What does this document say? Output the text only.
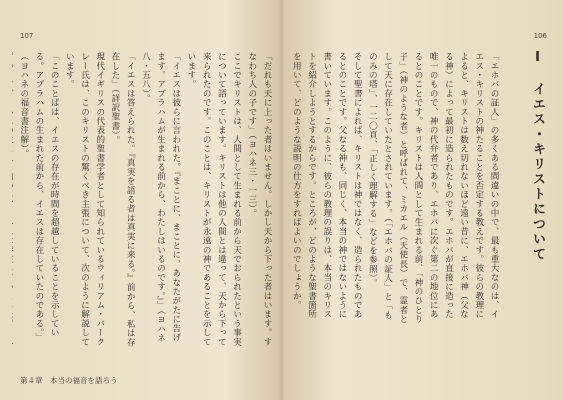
107

「だれも天に上った者はいません。しかし天から下った者はいます。すなわち人の子です」（ヨハネ三・一三）。

ここでキリストは、人間として生まれる前から天でおられたという事実について語っています。キリストは他の人間とは違って、天から下って来られたのです。このことは、キリストが永遠の神であることを示しています。

「イエスは彼らに言われた。『まことに、まことに、あなたがたに告げます。アブラハムが生まれる前から、わたしはいるのです。』」（ヨハネ八・五八）。

「イエスは答えられた。『真実を語る者は真実に来る。』前から、私は存在した」（詳訳聖書）。

現代イギリスの代表的聖書学者として知られているウィリアム・バークレー氏は、このキリストの驚くべき主張について、次のように解説しています。

「このことばは、イエスの存在が時間を超越していることを示している。アブラハムの生まれた前から、イエスは存在していたのである。」（ヨハネの福音書注解）。

第４章　本当の福音を語ろう
106
Ⅰ　イエス・キリストについて

「エホバの証人」の多くある間違いの中で、最も重大なのは、イエス・キリストの神たることを否定する教えです。彼らの教理によると、キリストは数え切れないほど遠い昔に、エホバ神（父なる神）によって最初に造られたものです。エホバが直接に造った唯一のもので、神の代弁者であり、エホバに次ぐ第二の地位にあるとのことです。キリストは人間として生まれる前、「神のひとり子」（神のような者）と呼ばれて、ミカエル（天使長）で、霊者として天に存在していたとされています。（「エホバの証人」と「ものみの塔」、一二〇頁、「正しく理解する」などを参照）。

そして聖書によれば、キリストは神ではなく、造られたものであるとのことです。父なる神も、同じく、本当の神ではないように書いています。このように、彼らの教理の誤りは、本当のキリストを紹介しようとするからです。ところが、どのような聖書箇所を用いて、どのような説明の仕方をすればよいのでしょうか。
